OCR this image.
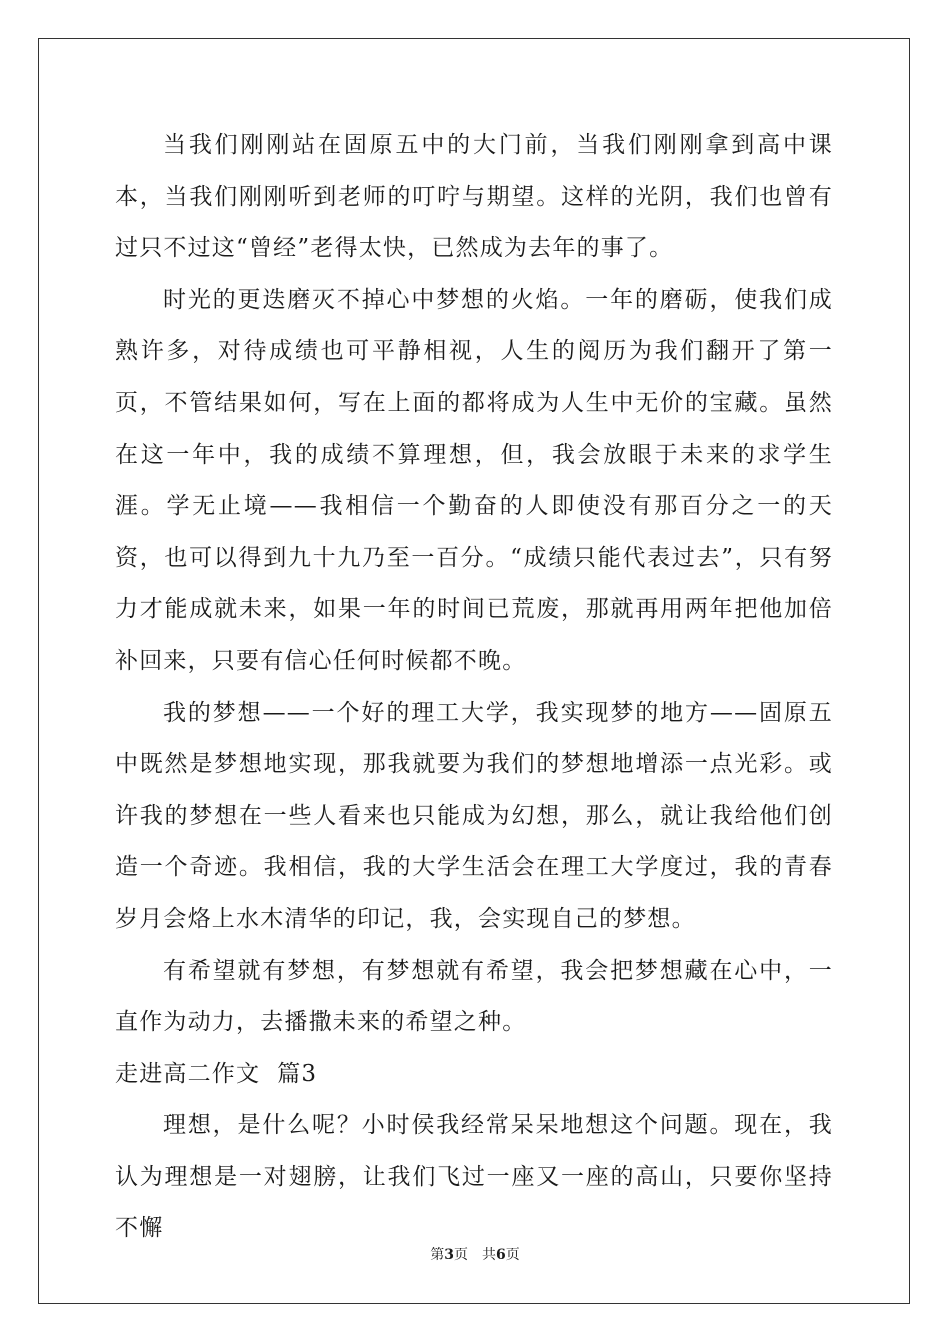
当我们刚刚站在固原五中的大门前，当我们刚刚拿到高中课本，当我们刚刚听到老师的叮咛与期望。这样的光阴，我们也曾有过只不过这“曾经”老得太快，已然成为去年的事了。

时光的更迭磨灭不掉心中梦想的火焰。一年的磨砺，使我们成熟许多，对待成绩也可平静相视，人生的阅历为我们翻开了第一页，不管结果如何，写在上面的都将成为人生中无价的宝藏。虽然在这一年中，我的成绩不算理想，但，我会放眼于未来的求学生涯。学无止境——我相信一个勤奋的人即使没有那百分之一的天资，也可以得到九十九乃至一百分。“成绩只能代表过去”，只有努力才能成就未来，如果一年的时间已荒废，那就再用两年把他加倍补回来，只要有信心任何时候都不晚。

我的梦想——一个好的理工大学，我实现梦的地方——固原五中既然是梦想地实现，那我就要为我们的梦想地增添一点光彩。或许我的梦想在一些人看来也只能成为幻想，那么，就让我给他们创造一个奇迹。我相信，我的大学生活会在理工大学度过，我的青春岁月会烙上水木清华的印记，我，会实现自己的梦想。

有希望就有梦想，有梦想就有希望，我会把梦想藏在心中，一直作为动力，去播撒未来的希望之种。

走进高二作文  篇3

理想，是什么呢？小时侯我经常呆呆地想这个问题。现在，我认为理想是一对翅膀，让我们飞过一座又一座的高山，只要你坚持不懈

第3页 共6页
